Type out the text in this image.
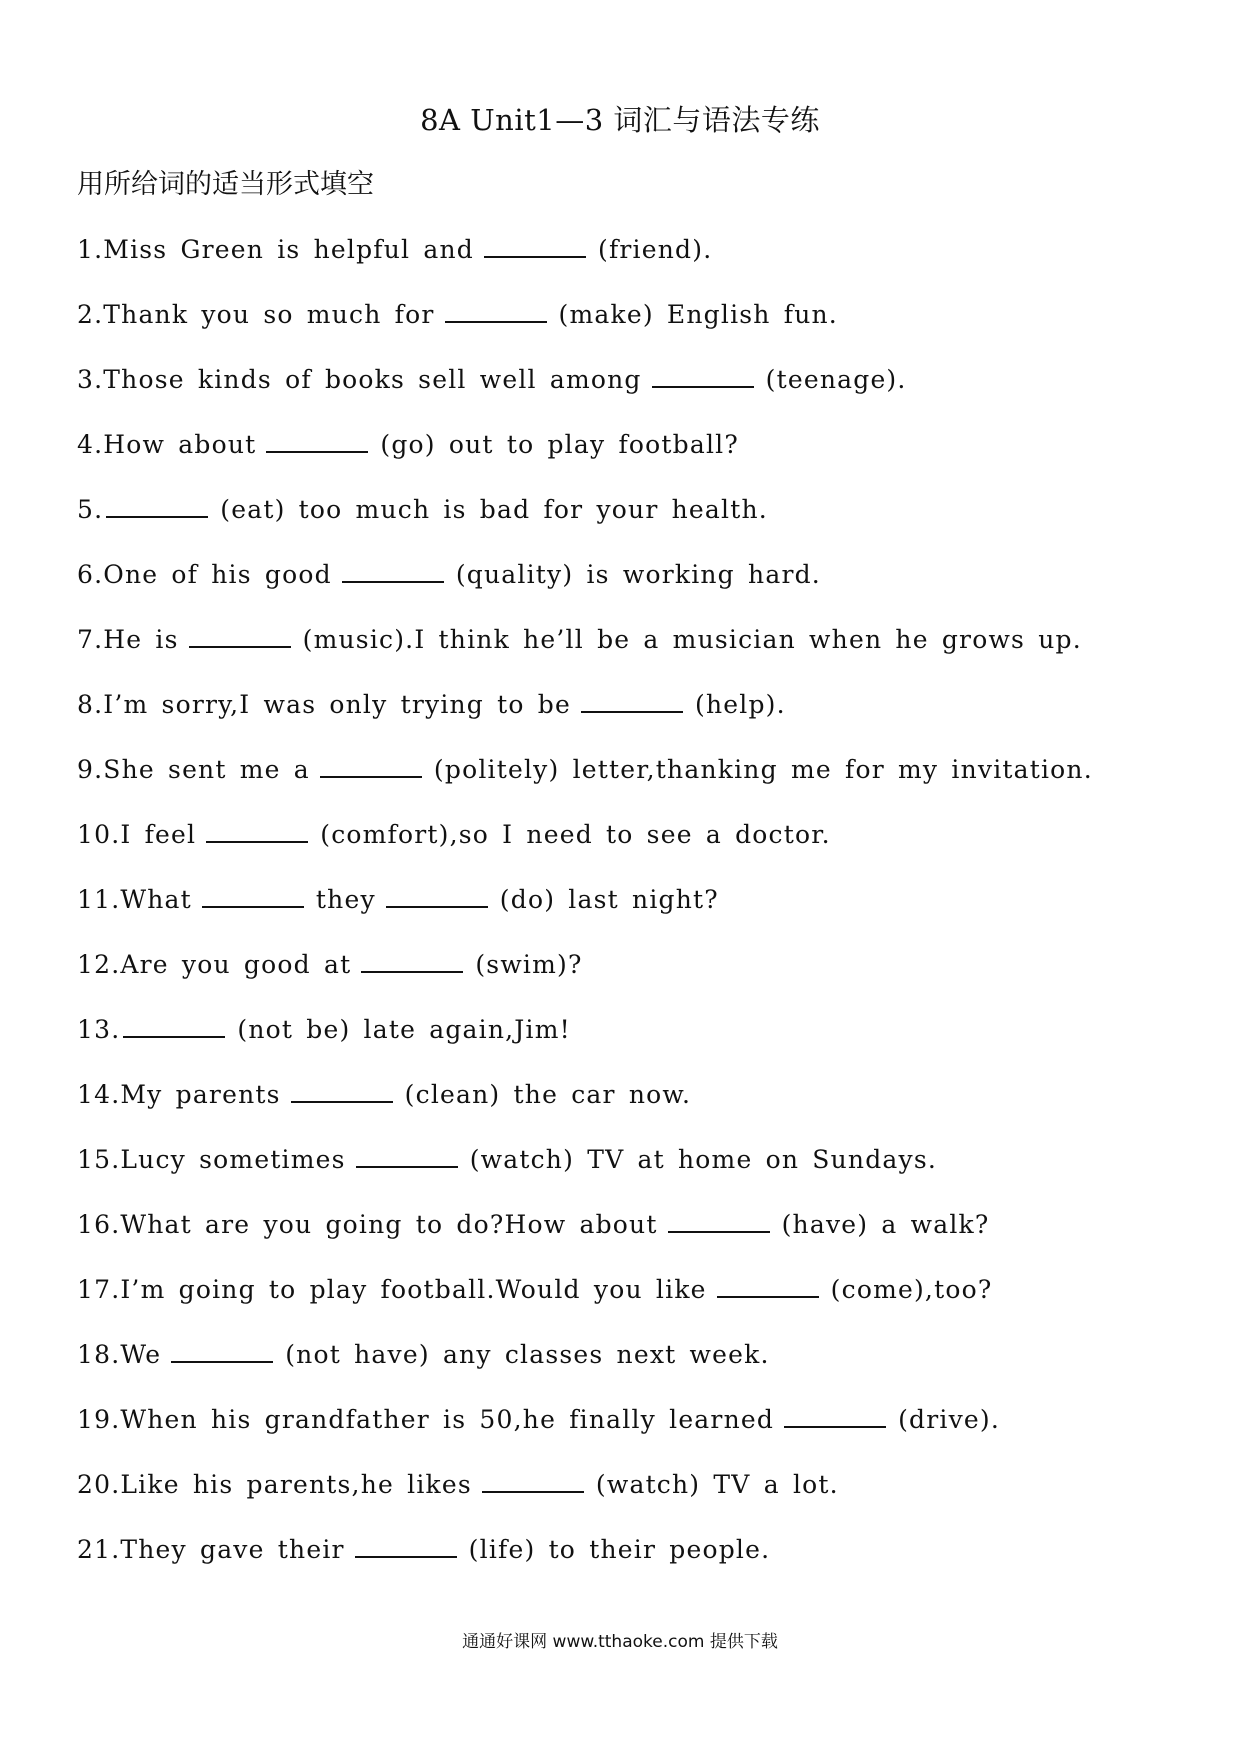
8A Unit1—3 词汇与语法专练
用所给词的适当形式填空
1.Miss Green is helpful and	(friend).
2.Thank you so much for	(make) English fun.
3.Those kinds of books sell well among	(teenage).
4.How about	(go) out to play football?
5.	(eat) too much is bad for your health.
6.One of his good	(quality) is working hard.
7.He is	(music).I think he’ll be a musician when he grows up.
8.I’m sorry,I was only trying to be	(help).
9.She sent me a	(politely) letter,thanking me for my invitation.
10.I feel	(comfort),so I need to see a doctor.
11.What	they	(do) last night?
12.Are you good at	(swim)?
13.	(not be) late again,Jim!
14.My parents	(clean) the car now.
15.Lucy sometimes	(watch) TV at home on Sundays.
16.What are you going to do?How about	(have) a walk?
17.I’m going to play football.Would you like	(come),too?
18.We	(not have) any classes next week.
19.When his grandfather is 50,he finally learned	(drive).
20.Like his parents,he likes	(watch) TV a lot.
21.They gave their	(life) to their people.
通通好课网 www.tthaoke.com 提供下载
